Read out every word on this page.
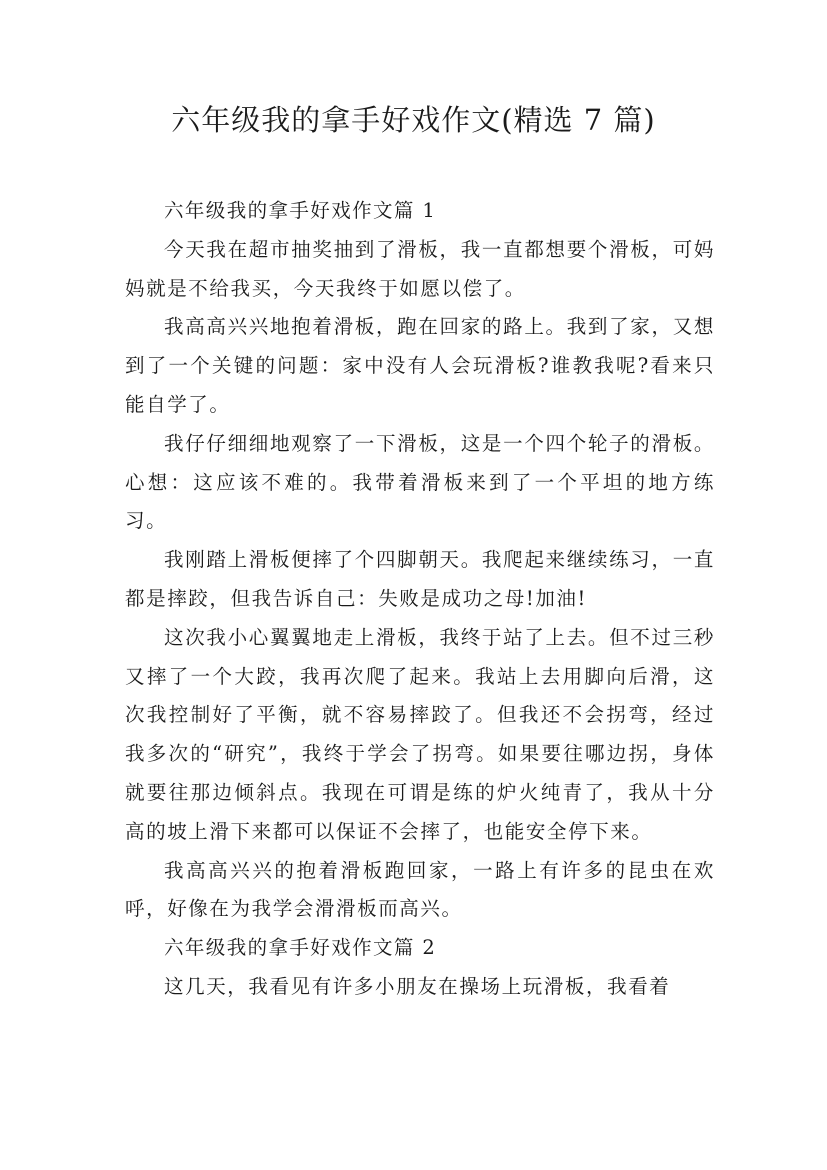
六年级我的拿手好戏作文(精选 7 篇)

六年级我的拿手好戏作文篇 1

今天我在超市抽奖抽到了滑板，我一直都想要个滑板，可妈妈就是不给我买，今天我终于如愿以偿了。

我高高兴兴地抱着滑板，跑在回家的路上。我到了家，又想到了一个关键的问题：家中没有人会玩滑板?谁教我呢?看来只能自学了。

我仔仔细细地观察了一下滑板，这是一个四个轮子的滑板。心想：这应该不难的。我带着滑板来到了一个平坦的地方练习。

我刚踏上滑板便摔了个四脚朝天。我爬起来继续练习，一直都是摔跤，但我告诉自己：失败是成功之母!加油!

这次我小心翼翼地走上滑板，我终于站了上去。但不过三秒又摔了一个大跤，我再次爬了起来。我站上去用脚向后滑，这次我控制好了平衡，就不容易摔跤了。但我还不会拐弯，经过我多次的“研究”，我终于学会了拐弯。如果要往哪边拐，身体就要往那边倾斜点。我现在可谓是练的炉火纯青了，我从十分高的坡上滑下来都可以保证不会摔了，也能安全停下来。

我高高兴兴的抱着滑板跑回家，一路上有许多的昆虫在欢呼，好像在为我学会滑滑板而高兴。

六年级我的拿手好戏作文篇 2

这几天，我看见有许多小朋友在操场上玩滑板，我看着
